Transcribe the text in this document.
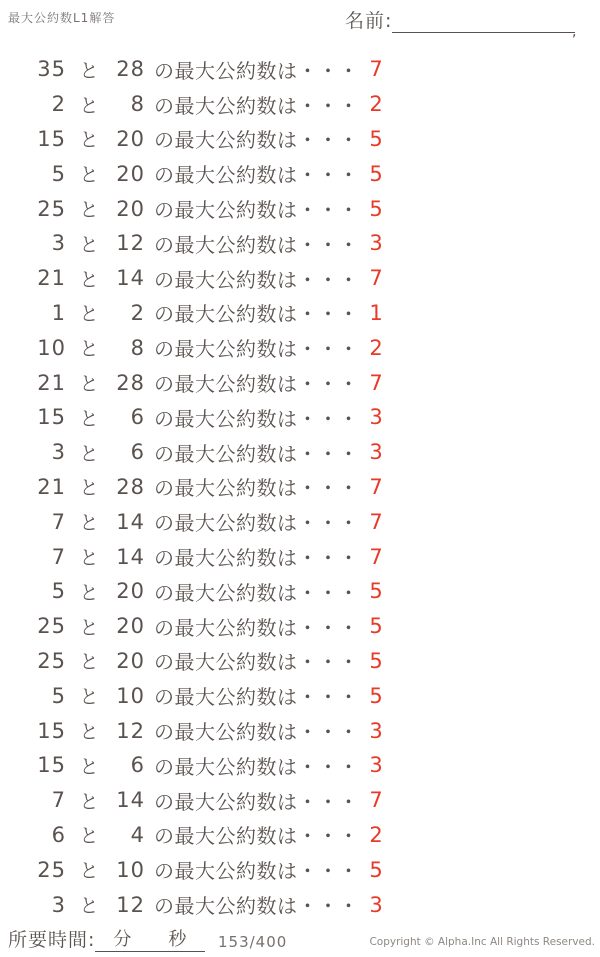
最大公約数L1解答	名前:	,
35 と 28 の最大公約数は・・・ 7
2 と	8 の最大公約数は・・・ 2
15 と 20 の最大公約数は・・・ 5
5 と 20 の最大公約数は・・・ 5
25 と 20 の最大公約数は・・・ 5
3 と 12 の最大公約数は・・・ 3
21 と 14 の最大公約数は・・・ 7
1 と	2 の最大公約数は・・・ 1
10 と	8 の最大公約数は・・・ 2
21 と 28 の最大公約数は・・・ 7
15 と	6 の最大公約数は・・・ 3
3 と	6 の最大公約数は・・・ 3
21 と 28 の最大公約数は・・・ 7
7 と 14 の最大公約数は・・・ 7
7 と 14 の最大公約数は・・・ 7
5 と 20 の最大公約数は・・・ 5
25 と 20 の最大公約数は・・・ 5
25 と 20 の最大公約数は・・・ 5
5 と 10 の最大公約数は・・・ 5
15 と 12 の最大公約数は・・・ 3
15 と	6 の最大公約数は・・・ 3
7 と 14 の最大公約数は・・・ 7
6 と	4 の最大公約数は・・・ 2
25 と 10 の最大公約数は・・・ 5
3 と 12 の最大公約数は・・・ 3
所要時間: 分 秒 153/400	Copyright © Alpha.Inc All Rights Reserved.
